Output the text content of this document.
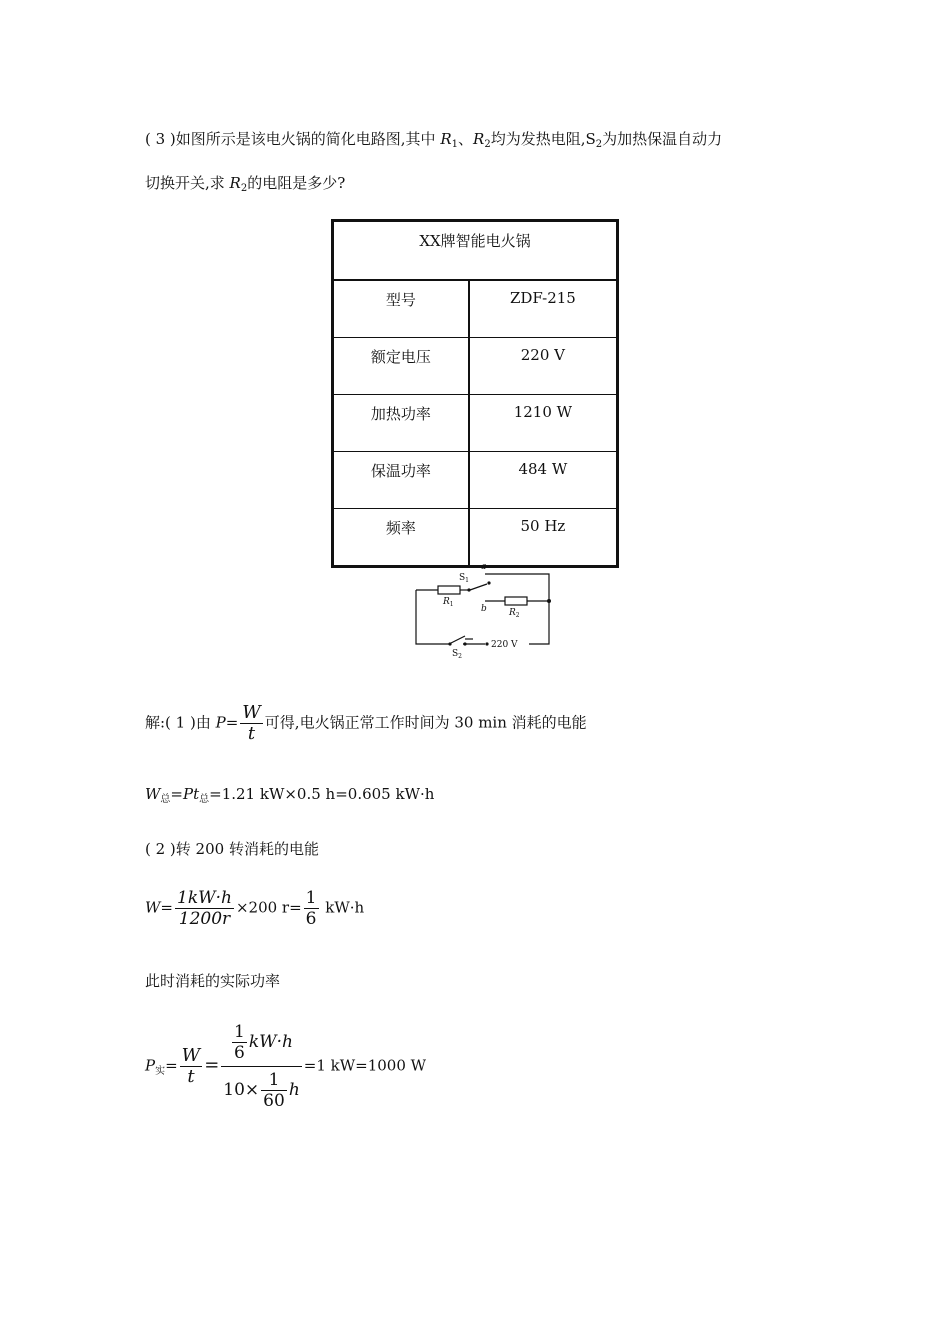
( 3 )如图所示是该电火锅的简化电路图,其中 $R_1$、$R_2$均为发热电阻$,S_2$为加热保温自动力
切换开关,求 $R_2$的电阻是多少?
XX牌智能电火锅	
型号	ZDF-215
额定电压	220 V
加热功率	1210 W
保温功率	484 W
频率	50 Hz
$S_1$
a
b
$R_1$
$R_2$
$S_2$
220 V
解:( 1 )由 $P= \frac{W}{t}$ 可得,电火锅正常工作时间为 30 min 消耗的电能
$W_总=Pt_总=1.21$ kW×0.5 h=0.605 kW·h
( 2 )转 200 转消耗的电能
$W= \frac{1kW\cdot h}{1200r} \times 200$ $r= \frac{1}{6} kW\cdot h$
此时消耗的实际功率
$P_实= \frac{W}{t} = \frac{\frac{1}{6} kW\cdot h}{10\times \frac{1}{60} h} =1$ kW=1000 W
